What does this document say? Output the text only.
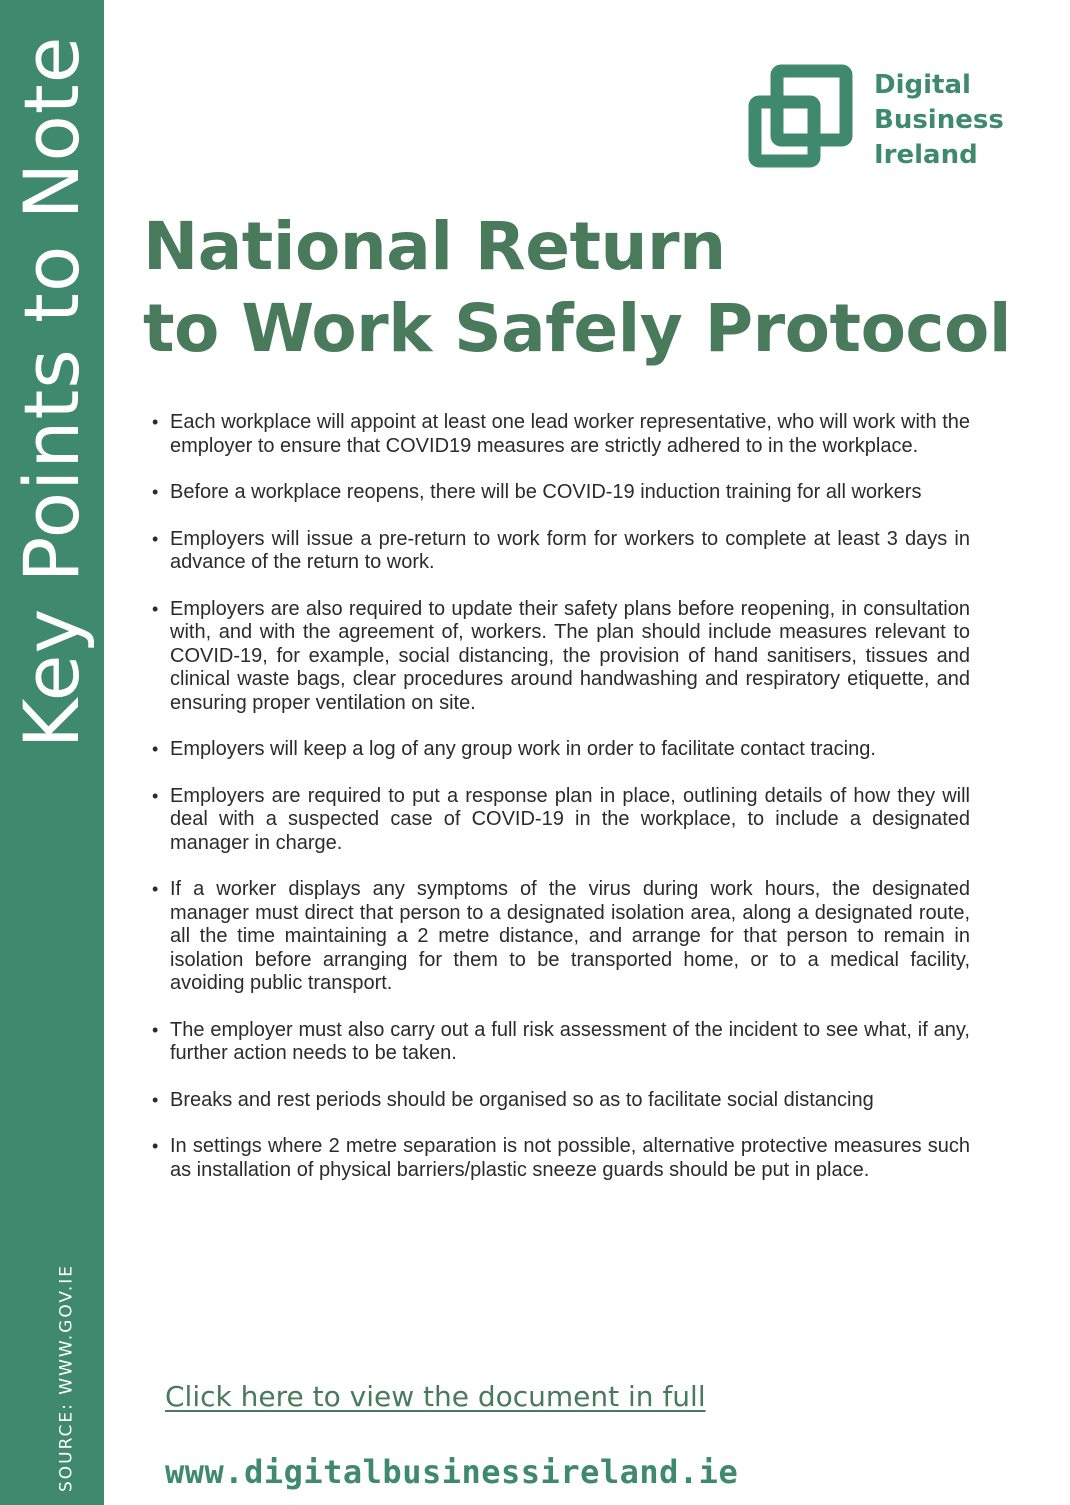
Key Points to Note
SOURCE: WWW.GOV.IE
Digital
Business
Ireland
National Return
to Work Safely Protocol
• Each workplace will appoint at least one lead worker representative, who will work with the employer to ensure that COVID19 measures are strictly adhered to in the workplace.
• Before a workplace reopens, there will be COVID-19 induction training for all workers
• Employers will issue a pre-return to work form for workers to complete at least 3 days in advance of the return to work.
• Employers are also required to update their safety plans before reopening, in consultation with, and with the agreement of, workers. The plan should include measures relevant to COVID-19, for example, social distancing, the provision of hand sanitisers, tissues and clinical waste bags, clear procedures around handwashing and respiratory etiquette, and ensuring proper ventilation on site.
• Employers will keep a log of any group work in order to facilitate contact tracing.
• Employers are required to put a response plan in place, outlining details of how they will deal with a suspected case of COVID-19 in the workplace, to include a designated manager in charge.
• If a worker displays any symptoms of the virus during work hours, the designated manager must direct that person to a designated isolation area, along a designated route, all the time maintaining a 2 metre distance, and arrange for that person to remain in isolation before arranging for them to be transported home, or to a medical facility, avoiding public transport.
• The employer must also carry out a full risk assessment of the incident to see what, if any, further action needs to be taken.
• Breaks and rest periods should be organised so as to facilitate social distancing
• In settings where 2 metre separation is not possible, alternative protective measures such as installation of physical barriers/plastic sneeze guards should be put in place.
Click here to view the document in full
www.digitalbusinessireland.ie
